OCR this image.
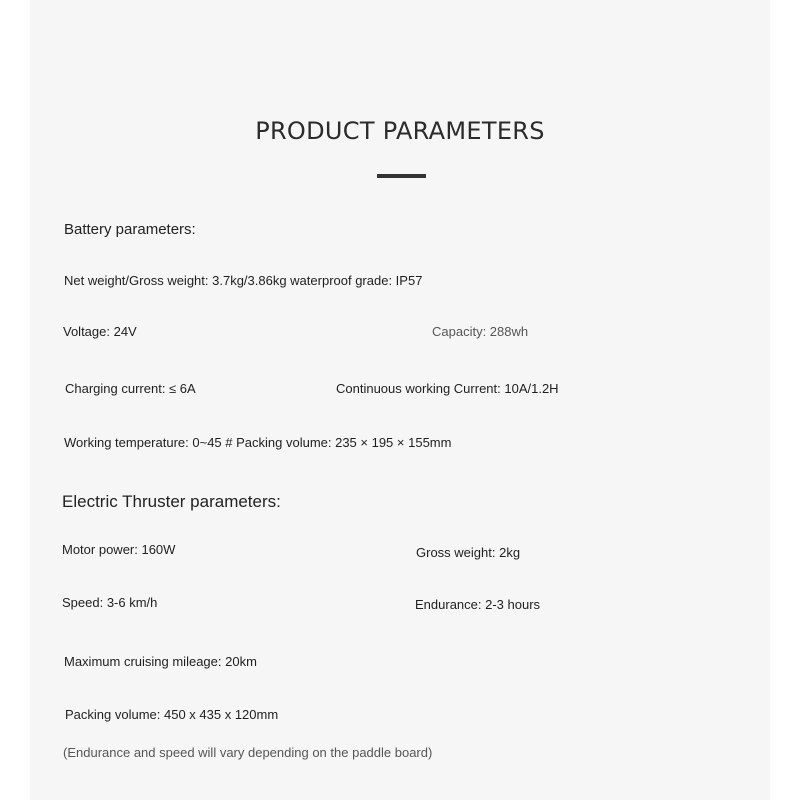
PRODUCT PARAMETERS
Battery parameters:
Net weight/Gross weight: 3.7kg/3.86kg waterproof grade: IP57
Voltage: 24V	Capacity: 288wh
Charging current: ≤ 6A	Continuous working Current: 10A/1.2H
Working temperature: 0~45 # Packing volume: 235 × 195 × 155mm
Electric Thruster parameters:
Motor power: 160W	Gross weight: 2kg
Speed: 3-6 km/h	Endurance: 2-3 hours
Maximum cruising mileage: 20km
Packing volume: 450 x 435 x 120mm
(Endurance and speed will vary depending on the paddle board)
